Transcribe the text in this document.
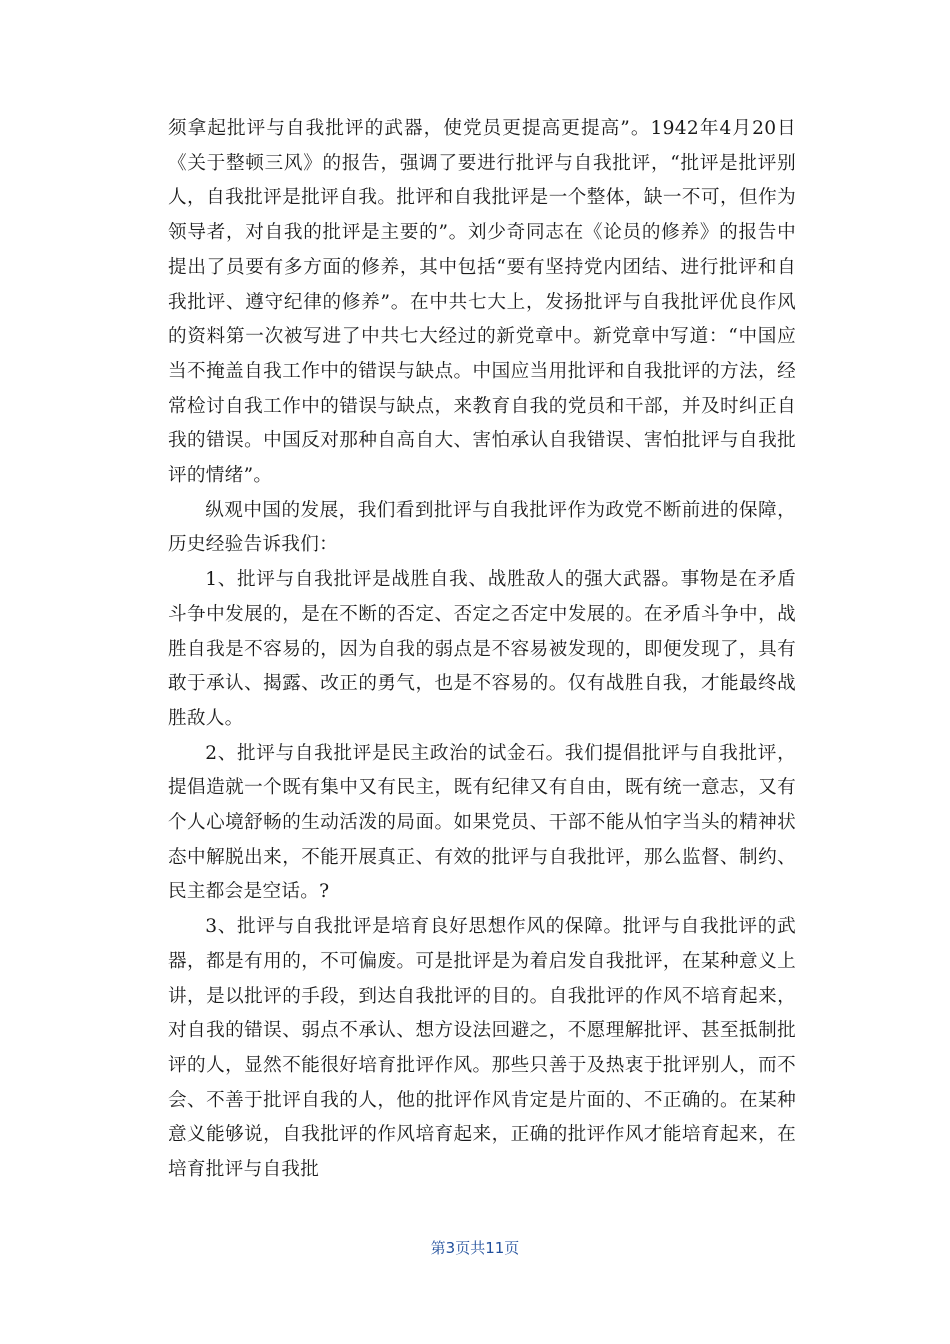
须拿起批评与自我批评的武器，使党员更提高更提高”。1942年4月20日《关于整顿三风》的报告，强调了要进行批评与自我批评，“批评是批评别人，自我批评是批评自我。批评和自我批评是一个整体，缺一不可，但作为领导者，对自我的批评是主要的”。刘少奇同志在《论员的修养》的报告中提出了员要有多方面的修养，其中包括“要有坚持党内团结、进行批评和自我批评、遵守纪律的修养”。在中共七大上，发扬批评与自我批评优良作风的资料第一次被写进了中共七大经过的新党章中。新党章中写道：“中国应当不掩盖自我工作中的错误与缺点。中国应当用批评和自我批评的方法，经常检讨自我工作中的错误与缺点，来教育自我的党员和干部，并及时纠正自我的错误。中国反对那种自高自大、害怕承认自我错误、害怕批评与自我批评的情绪”。

纵观中国的发展，我们看到批评与自我批评作为政党不断前进的保障，历史经验告诉我们：

1、批评与自我批评是战胜自我、战胜敌人的强大武器。事物是在矛盾斗争中发展的，是在不断的否定、否定之否定中发展的。在矛盾斗争中，战胜自我是不容易的，因为自我的弱点是不容易被发现的，即便发现了，具有敢于承认、揭露、改正的勇气，也是不容易的。仅有战胜自我，才能最终战胜敌人。

2、批评与自我批评是民主政治的试金石。我们提倡批评与自我批评，提倡造就一个既有集中又有民主，既有纪律又有自由，既有统一意志，又有个人心境舒畅的生动活泼的局面。如果党员、干部不能从怕字当头的精神状态中解脱出来，不能开展真正、有效的批评与自我批评，那么监督、制约、民主都会是空话。?

3、批评与自我批评是培育良好思想作风的保障。批评与自我批评的武器，都是有用的，不可偏废。可是批评是为着启发自我批评，在某种意义上讲，是以批评的手段，到达自我批评的目的。自我批评的作风不培育起来，对自我的错误、弱点不承认、想方设法回避之，不愿理解批评、甚至抵制批评的人，显然不能很好培育批评作风。那些只善于及热衷于批评别人，而不会、不善于批评自我的人，他的批评作风肯定是片面的、不正确的。在某种意义能够说，自我批评的作风培育起来，正确的批评作风才能培育起来，在培育批评与自我批

第3页共11页
